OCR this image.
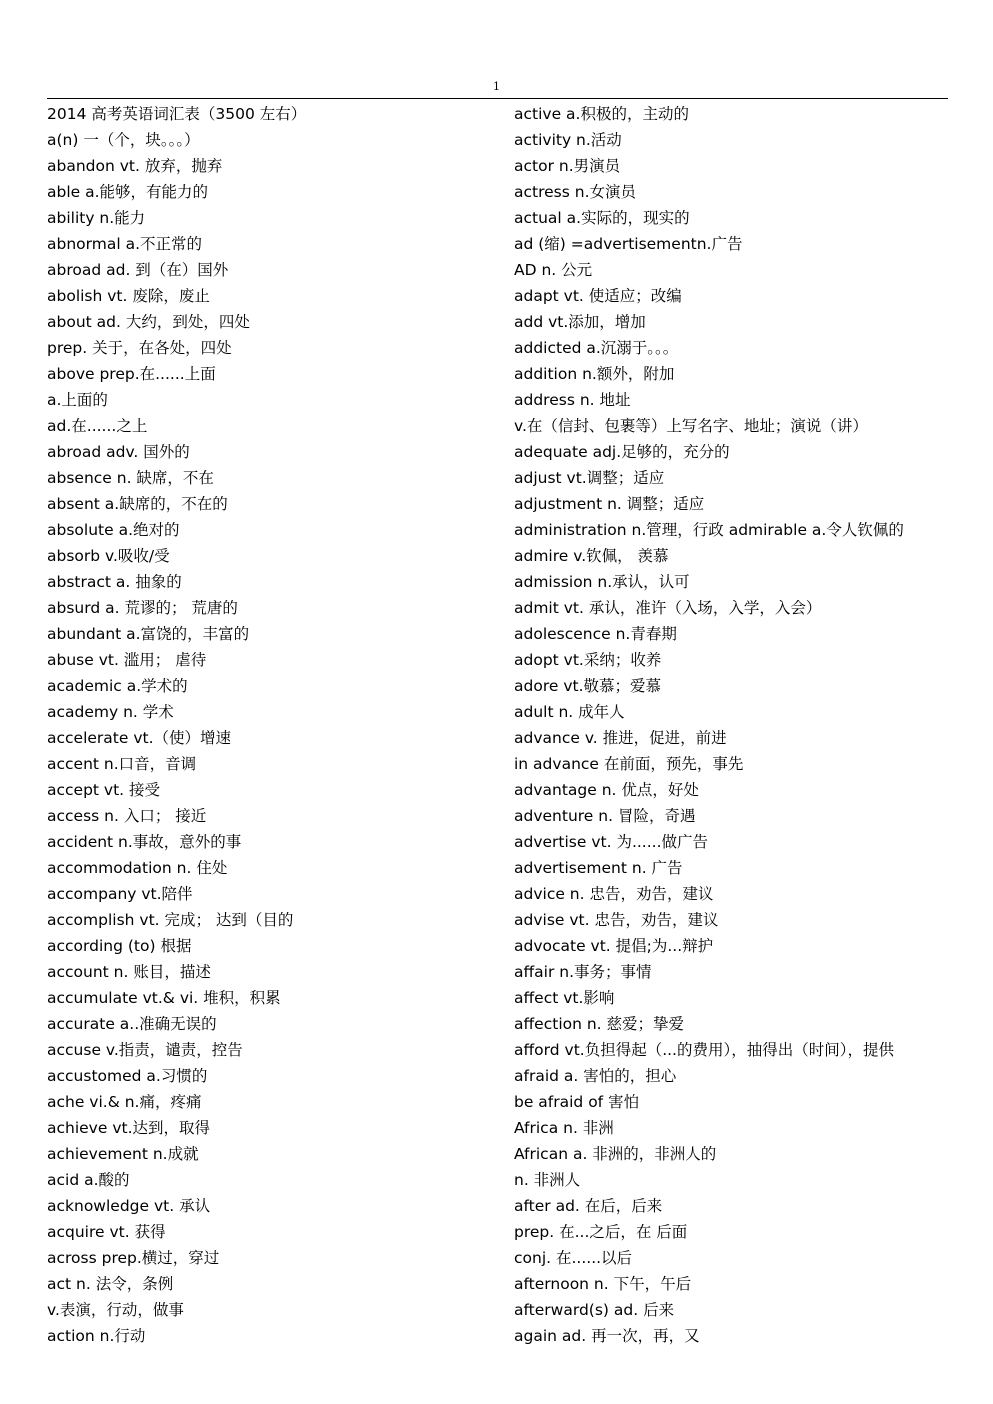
1
2014 高考英语词汇表（3500 左右）
a(n) 一（个，块。。。）
abandon vt. 放弃，抛弃
able a.能够，有能力的
ability n.能力
abnormal a.不正常的
abroad ad. 到（在）国外
abolish vt. 废除，废止
about ad. 大约，到处，四处
prep. 关于，在各处，四处
above prep.在......上面
a.上面的
ad.在......之上
abroad adv. 国外的
absence n. 缺席，不在
absent a.缺席的，不在的
absolute a.绝对的
absorb v.吸收/受
abstract a. 抽象的
absurd a. 荒谬的； 荒唐的
abundant a.富饶的，丰富的
abuse vt. 滥用； 虐待
academic a.学术的
academy n. 学术
accelerate vt.（使）增速
accent n.口音，音调
accept vt. 接受
access n. 入口； 接近
accident n.事故，意外的事
accommodation n. 住处
accompany vt.陪伴
accomplish vt. 完成； 达到（目的
according (to) 根据
account n. 账目，描述
accumulate vt.& vi. 堆积，积累
accurate a..准确无误的
accuse v.指责，谴责，控告
accustomed a.习惯的
ache vi.& n.痛，疼痛
achieve vt.达到，取得
achievement n.成就
acid a.酸的
acknowledge vt. 承认
acquire vt. 获得
across prep.横过，穿过
act n. 法令，条例
v.表演，行动，做事
action n.行动
active a.积极的，主动的
activity n.活动
actor n.男演员
actress n.女演员
actual a.实际的，现实的
ad (缩) =advertisementn.广告
AD n. 公元
adapt vt. 使适应；改编
add vt.添加，增加
addicted a.沉溺于。。。
addition n.额外，附加
address n. 地址
v.在（信封、包裹等）上写名字、地址；演说（讲）
adequate adj.足够的，充分的
adjust vt.调整；适应
adjustment n. 调整；适应
administration n.管理，行政 admirable a.令人钦佩的
admire v.钦佩， 羡慕
admission n.承认，认可
admit vt. 承认，准许（入场，入学，入会）
adolescence n.青春期
adopt vt.采纳；收养
adore vt.敬慕；爱慕
adult n. 成年人
advance v. 推进，促进，前进
in advance 在前面，预先，事先
advantage n. 优点，好处
adventure n. 冒险，奇遇
advertise vt. 为......做广告
advertisement n. 广告
advice n. 忠告，劝告，建议
advise vt. 忠告，劝告，建议
advocate vt. 提倡;为...辩护
affair n.事务；事情
affect vt.影响
affection n. 慈爱；挚爱
afford vt.负担得起（...的费用），抽得出（时间），提供
afraid a. 害怕的，担心
be afraid of 害怕
Africa n. 非洲
African a. 非洲的，非洲人的
n. 非洲人
after ad. 在后，后来
prep. 在...之后，在 后面
conj. 在......以后
afternoon n. 下午，午后
afterward(s) ad. 后来
again ad. 再一次，再，又
